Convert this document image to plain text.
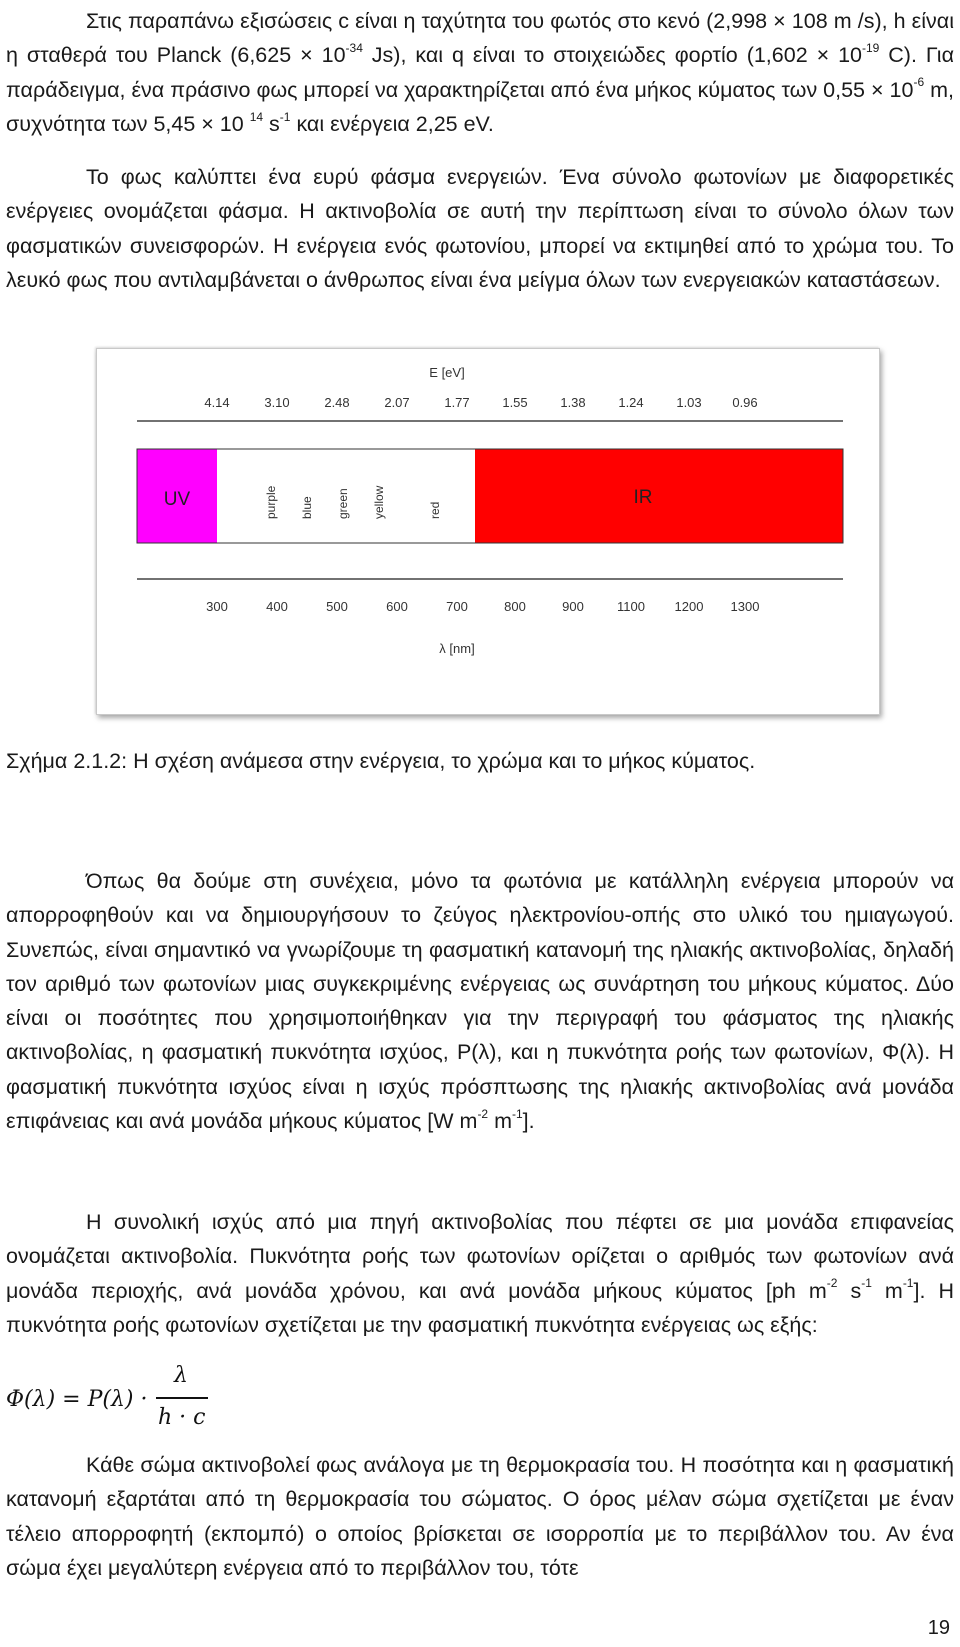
Στις παραπάνω εξισώσεις c είναι η ταχύτητα του φωτός στο κενό (2,998 × 108 m /s), h είναι η σταθερά του Planck ($6,625 \times 10^{-34}$ Js), και q είναι το στοιχειώδες φορτίο ($1,602 \times 10^{-19}$ C). Για παράδειγμα, ένα πράσινο φως μπορεί να χαρακτηρίζεται από ένα μήκος κύματος των $0,55 \times 10^{-6}$ m, συχνότητα των 5,45 × 10 $^{14}$ $s^{-1}$ και ενέργεια 2,25 eV.

Το φως καλύπτει ένα ευρύ φάσμα ενεργειών. Ένα σύνολο φωτονίων με διαφορετικές ενέργειες ονομάζεται φάσμα. Η ακτινοβολία σε αυτή την περίπτωση είναι το σύνολο όλων των φασματικών συνεισφορών. Η ενέργεια ενός φωτονίου, μπορεί να εκτιμηθεί από το χρώμα του. Το λευκό φως που αντιλαμβάνεται ο άνθρωπος είναι ένα μείγμα όλων των ενεργειακών καταστάσεων.

E [eV]
4.14	3.10	2.48	2.07	1.77	1.55	1.38	1.24	1.03 0.96
UV	IR
purple blue green yellow	red
300	400	500	600	700	800	900	1100 1200 1300
λ [nm]

Σχήμα 2.1.2: Η σχέση ανάμεσα στην ενέργεια, το χρώμα και το μήκος κύματος.

Όπως θα δούμε στη συνέχεια, μόνο τα φωτόνια με κατάλληλη ενέργεια μπορούν να απορροφηθούν και να δημιουργήσουν το ζεύγος ηλεκτρονίου-οπής στο υλικό του ημιαγωγού. Συνεπώς, είναι σημαντικό να γνωρίζουμε τη φασματική κατανομή της ηλιακής ακτινοβολίας, δηλαδή τον αριθμό των φωτονίων μιας συγκεκριμένης ενέργειας ως συνάρτηση του μήκους κύματος. Δύο είναι οι ποσότητες που χρησιμοποιήθηκαν για την περιγραφή του φάσματος της ηλιακής ακτινοβολίας, η φασματική πυκνότητα ισχύος, P(λ), και η πυκνότητα ροής των φωτονίων, Φ(λ). Η φασματική πυκνότητα ισχύος είναι η ισχύς πρόσπτωσης της ηλιακής ακτινοβολίας ανά μονάδα επιφάνειας και ανά μονάδα μήκους κύματος [W $m^{-2}$ $m^{-1}$].

Η συνολική ισχύς από μια πηγή ακτινοβολίας που πέφτει σε μια μονάδα επιφανείας ονομάζεται ακτινοβολία. Πυκνότητα ροής των φωτονίων ορίζεται ο αριθμός των φωτονίων ανά μονάδα περιοχής, ανά μονάδα χρόνου, και ανά μονάδα μήκους κύματος [ph $m^{-2}$ $s^{-1}$ $m^{-1}$]. Η πυκνότητα ροής φωτονίων σχετίζεται με την φασματική πυκνότητα ενέργειας ως εξής:

Φ(λ) = P(λ) ·
λ
h · c

Κάθε σώμα ακτινοβολεί φως ανάλογα με τη θερμοκρασία του. Η ποσότητα και η φασματική κατανομή εξαρτάται από τη θερμοκρασία του σώματος. Ο όρος μέλαν σώμα σχετίζεται με έναν τέλειο απορροφητή (εκπομπό) ο οποίος βρίσκεται σε ισορροπία με το περιβάλλον του. Αν ένα σώμα έχει μεγαλύτερη ενέργεια από το περιβάλλον του, τότε

19
